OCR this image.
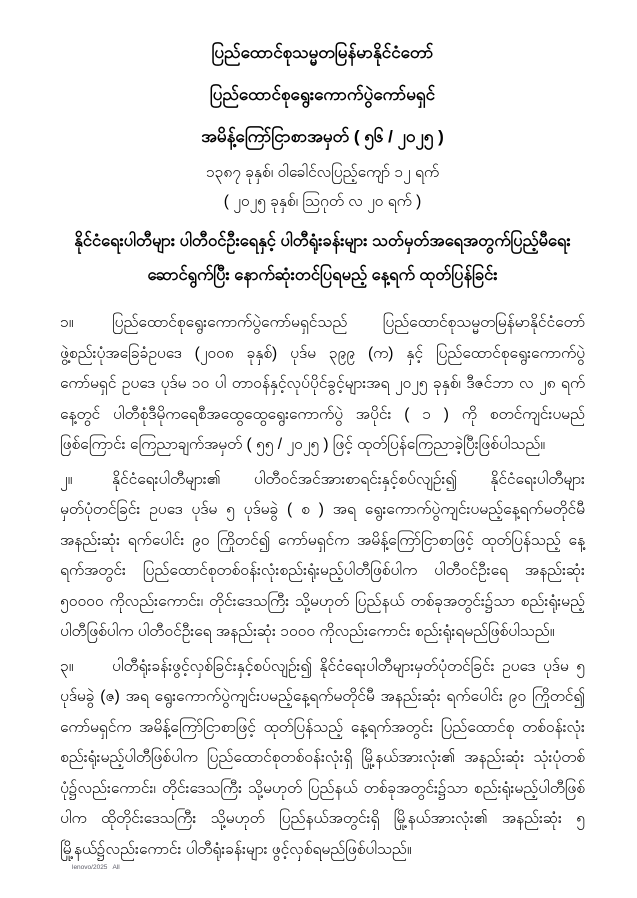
ပြည်ထောင်စုသမ္မတမြန်မာနိုင်ငံတော်
ပြည်ထောင်စုရွေးကောက်ပွဲကော်မရှင်
အမိန့်ကြော်ငြာစာအမှတ် ( ၅၆ / ၂၀၂၅ )
၁၃၈၇ ခုနှစ်၊ ဝါခေါင်လပြည့်ကျော် ၁၂ ရက်
( ၂၀၂၅ ခုနှစ်၊ ဩဂုတ် လ ၂၀ ရက် )
နိုင်ငံရေးပါတီများ ပါတီဝင်ဦးရေနှင့် ပါတီရုံးခန်းများ သတ်မှတ်အရေအတွက်ပြည့်မီရေး
ဆောင်ရွက်ပြီး နောက်ဆုံးတင်ပြရမည့် နေ့ရက် ထုတ်ပြန်ခြင်း

၁။ ပြည်ထောင်စုရွေးကောက်ပွဲကော်မရှင်သည် ပြည်ထောင်စုသမ္မတမြန်မာနိုင်ငံတော် ဖွဲ့စည်းပုံအခြေခံဥပဒေ (၂၀၀၈ ခုနှစ်) ပုဒ်မ ၃၉၉ (က) နှင့် ပြည်ထောင်စုရွေးကောက်ပွဲ ကော်မရှင် ဥပဒေ ပုဒ်မ ၁၀ ပါ တာဝန်နှင့်လုပ်ပိုင်ခွင့်များအရ ၂၀၂၅ ခုနှစ်၊ ဒီဇင်ဘာ လ ၂၈ ရက်နေ့တွင် ပါတီစုံဒီမိုကရေစီအထွေထွေရွေးကောက်ပွဲ အပိုင်း ( ၁ ) ကို စတင်ကျင်းပမည် ဖြစ်ကြောင်း ကြေညာချက်အမှတ် ( ၅၅ / ၂၀၂၅ ) ဖြင့် ထုတ်ပြန်ကြေညာခဲ့ပြီးဖြစ်ပါသည်။

၂။	နိုင်ငံရေးပါတီများ၏ ပါတီဝင်အင်အားစာရင်းနှင့်စပ်လျဉ်း၍ နိုင်ငံရေးပါတီများ မှတ်ပုံတင်ခြင်း ဥပဒေ ပုဒ်မ ၅ ပုဒ်မခွဲ ( စ ) အရ ရွေးကောက်ပွဲကျင်းပမည့်နေ့ရက်မတိုင်မီ အနည်းဆုံး ရက်ပေါင်း ၉၀ ကြိုတင်၍ ကော်မရှင်က အမိန့်ကြော်ငြာစာဖြင့် ထုတ်ပြန်သည့် နေ့ရက်အတွင်း ပြည်ထောင်စုတစ်ဝန်းလုံးစည်းရုံးမည့်ပါတီဖြစ်ပါက ပါတီဝင်ဦးရေ အနည်းဆုံး ၅၀၀၀၀ ကိုလည်းကောင်း၊ တိုင်းဒေသကြီး သို့မဟုတ် ပြည်နယ် တစ်ခုအတွင်း၌သာ စည်းရုံးမည့် ပါတီဖြစ်ပါက ပါတီဝင်ဦးရေ အနည်းဆုံး ၁၀၀၀ ကိုလည်းကောင်း စည်းရုံးရမည်ဖြစ်ပါသည်။

၃။ ပါတီရုံးခန်းဖွင့်လှစ်ခြင်းနှင့်စပ်လျဉ်း၍ နိုင်ငံရေးပါတီများမှတ်ပုံတင်ခြင်း ဥပဒေ ပုဒ်မ ၅ ပုဒ်မခွဲ (ဇ) အရ ရွေးကောက်ပွဲကျင်းပမည့်နေ့ရက်မတိုင်မီ အနည်းဆုံး ရက်ပေါင်း ၉၀ ကြိုတင်၍ ကော်မရှင်က အမိန့်ကြော်ငြာစာဖြင့် ထုတ်ပြန်သည့် နေ့ရက်အတွင်း ပြည်ထောင်စု တစ်ဝန်းလုံး စည်းရုံးမည့်ပါတီဖြစ်ပါက ပြည်ထောင်စုတစ်ဝန်းလုံးရှိ မြို့နယ်အားလုံး၏ အနည်းဆုံး သုံးပုံတစ်ပုံ၌လည်းကောင်း၊ တိုင်းဒေသကြီး သို့မဟုတ် ပြည်နယ် တစ်ခုအတွင်း၌သာ စည်းရုံးမည့်ပါတီဖြစ်ပါက ထိုတိုင်းဒေသကြီး သို့မဟုတ် ပြည်နယ်အတွင်းရှိ မြို့နယ်အားလုံး၏ အနည်းဆုံး ၅ မြို့နယ်၌လည်းကောင်း ပါတီရုံးခန်းများ ဖွင့်လှစ်ရမည်ဖြစ်ပါသည်။

lenovo/2025   All
